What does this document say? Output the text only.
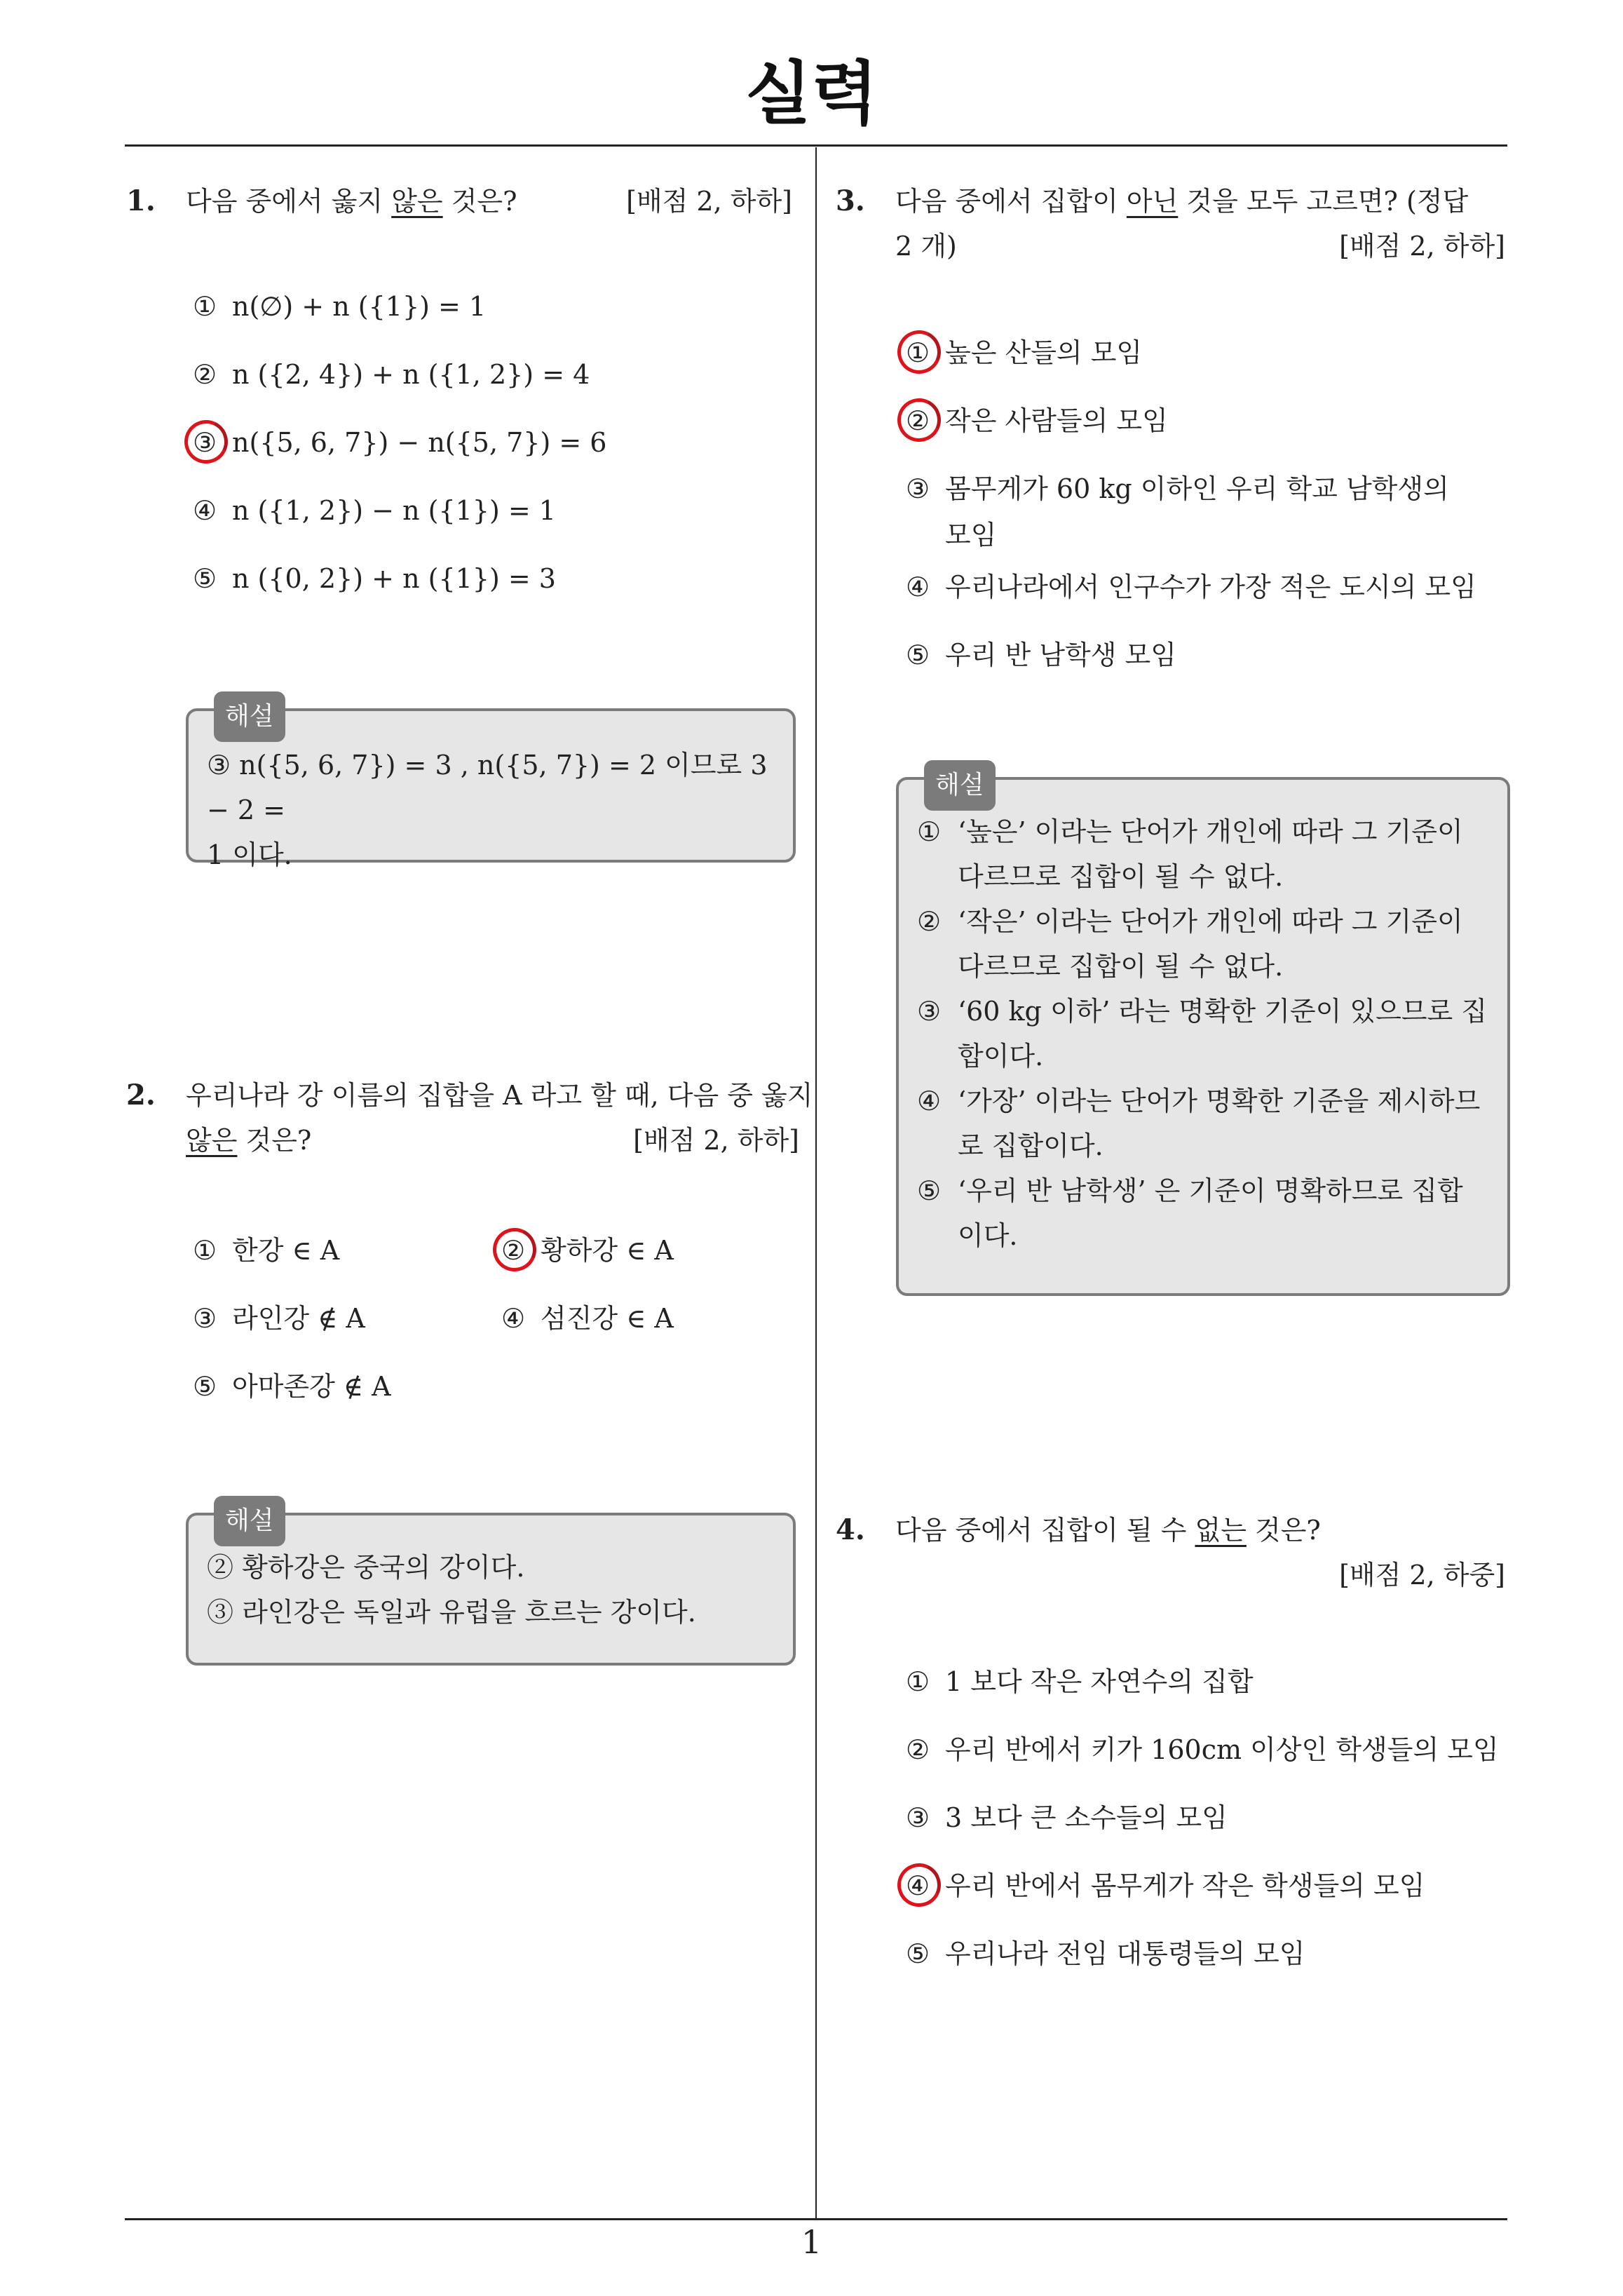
실력
1
1. 다음 중에서 옳지 않은 것은?	[배점 2, 하하]
① n(∅) + n ({1}) = 1
② n ({2, 4}) + n ({1, 2}) = 4
③ n({5, 6, 7}) − n({5, 7}) = 6
④ n ({1, 2}) − n ({1}) = 1
⑤ n ({0, 2}) + n ({1}) = 3
해설
③ n({5, 6, 7}) = 3 , n({5, 7}) = 2 이므로 3 − 2 =
1 이다.
2. 우리나라 강 이름의 집합을 A 라고 할 때, 다음 중 옳지
않은 것은?	[배점 2, 하하]
① 한강 ∈ A	② 황하강 ∈ A
③ 라인강 ∉ A	④ 섬진강 ∈ A
⑤ 아마존강 ∉ A
해설
② 황하강은 중국의 강이다.
③ 라인강은 독일과 유럽을 흐르는 강이다.
3. 다음 중에서 집합이 아닌 것을 모두 고르면? (정답
2 개)	[배점 2, 하하]
① 높은 산들의 모임
② 작은 사람들의 모임
③ 몸무게가 60 kg 이하인 우리 학교 남학생의
모임
④ 우리나라에서 인구수가 가장 적은 도시의 모임
⑤ 우리 반 남학생 모임
해설
① ‘높은’ 이라는 단어가 개인에 따라 그 기준이
다르므로 집합이 될 수 없다.
② ‘작은’ 이라는 단어가 개인에 따라 그 기준이
다르므로 집합이 될 수 없다.
③ ‘60 kg 이하’ 라는 명확한 기준이 있으므로 집
합이다.
④ ‘가장’ 이라는 단어가 명확한 기준을 제시하므
로 집합이다.
⑤ ‘우리 반 남학생’ 은 기준이 명확하므로 집합
이다.
4. 다음 중에서 집합이 될 수 없는 것은?
[배점 2, 하중]
① 1 보다 작은 자연수의 집합
② 우리 반에서 키가 160cm 이상인 학생들의 모임
③ 3 보다 큰 소수들의 모임
④ 우리 반에서 몸무게가 작은 학생들의 모임
⑤ 우리나라 전임 대통령들의 모임
